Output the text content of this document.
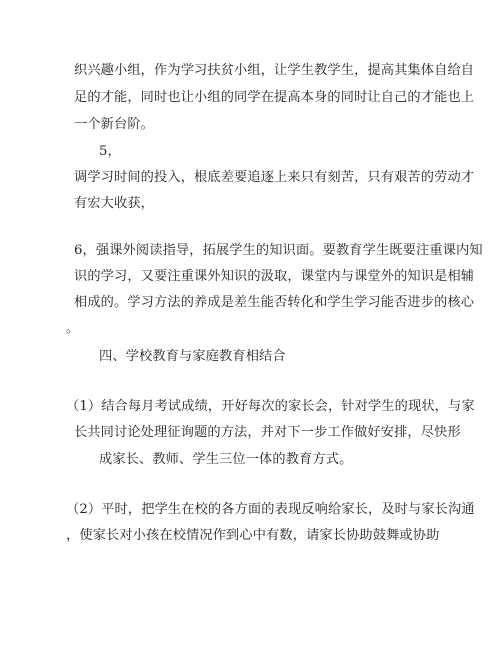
织兴趣小组，作为学习扶贫小组，让学生教学生，提高其集体自给自
足的才能，同时也让小组的同学在提高本身的同时让自己的才能也上
一个新台阶。
5，
调学习时间的投入，根底差要追逐上来只有刻苦，只有艰苦的劳动才
有宏大收获，
6，强课外阅读指导，拓展学生的知识面。要教育学生既要注重课内知
识的学习，又要注重课外知识的汲取，课堂内与课堂外的知识是相辅
相成的。学习方法的养成是差生能否转化和学生学习能否进步的核心
。
四、学校教育与家庭教育相结合
（1）结合每月考试成绩，开好每次的家长会，针对学生的现状，与家
长共同讨论处理征询题的方法，并对下一步工作做好安排，尽快形
成家长、教师、学生三位一体的教育方式。
（2）平时，把学生在校的各方面的表现反响给家长，及时与家长沟通
，使家长对小孩在校情况作到心中有数，请家长协助鼓舞或协助
